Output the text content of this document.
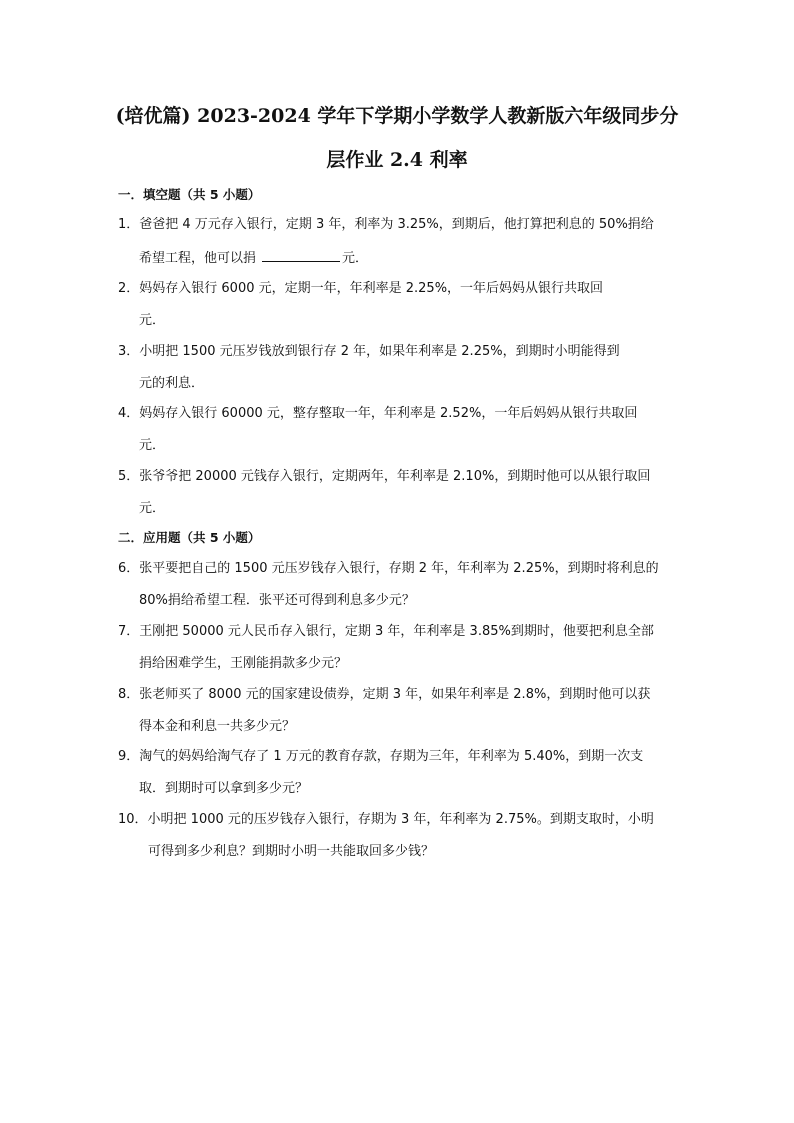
(培优篇) 2023-2024 学年下学期小学数学人教新版六年级同步分
层作业 2.4 利率
一．填空题（共 5 小题）
1．爸爸把 4 万元存入银行，定期 3 年，利率为 3.25%，到期后，他打算把利息的 50%捐给
希望工程，他可以捐	元．
2．妈妈存入银行 6000 元，定期一年，年利率是 2.25%，一年后妈妈从银行共取回
元．
3．小明把 1500 元压岁钱放到银行存 2 年，如果年利率是 2.25%，到期时小明能得到
元的利息．
4．妈妈存入银行 60000 元，整存整取一年，年利率是 2.52%，一年后妈妈从银行共取回
元．
5．张爷爷把 20000 元钱存入银行，定期两年，年利率是 2.10%，到期时他可以从银行取回
元．
二．应用题（共 5 小题）
6．张平要把自己的 1500 元压岁钱存入银行，存期 2 年，年利率为 2.25%，到期时将利息的
80%捐给希望工程．张平还可得到利息多少元？
7．王刚把 50000 元人民币存入银行，定期 3 年，年利率是 3.85%到期时，他要把利息全部
捐给困难学生，王刚能捐款多少元？
8．张老师买了 8000 元的国家建设债券，定期 3 年，如果年利率是 2.8%，到期时他可以获
得本金和利息一共多少元？
9．淘气的妈妈给淘气存了 1 万元的教育存款，存期为三年，年利率为 5.40%，到期一次支
取．到期时可以拿到多少元？
10．小明把 1000 元的压岁钱存入银行，存期为 3 年，年利率为 2.75%。到期支取时，小明
可得到多少利息？到期时小明一共能取回多少钱？
